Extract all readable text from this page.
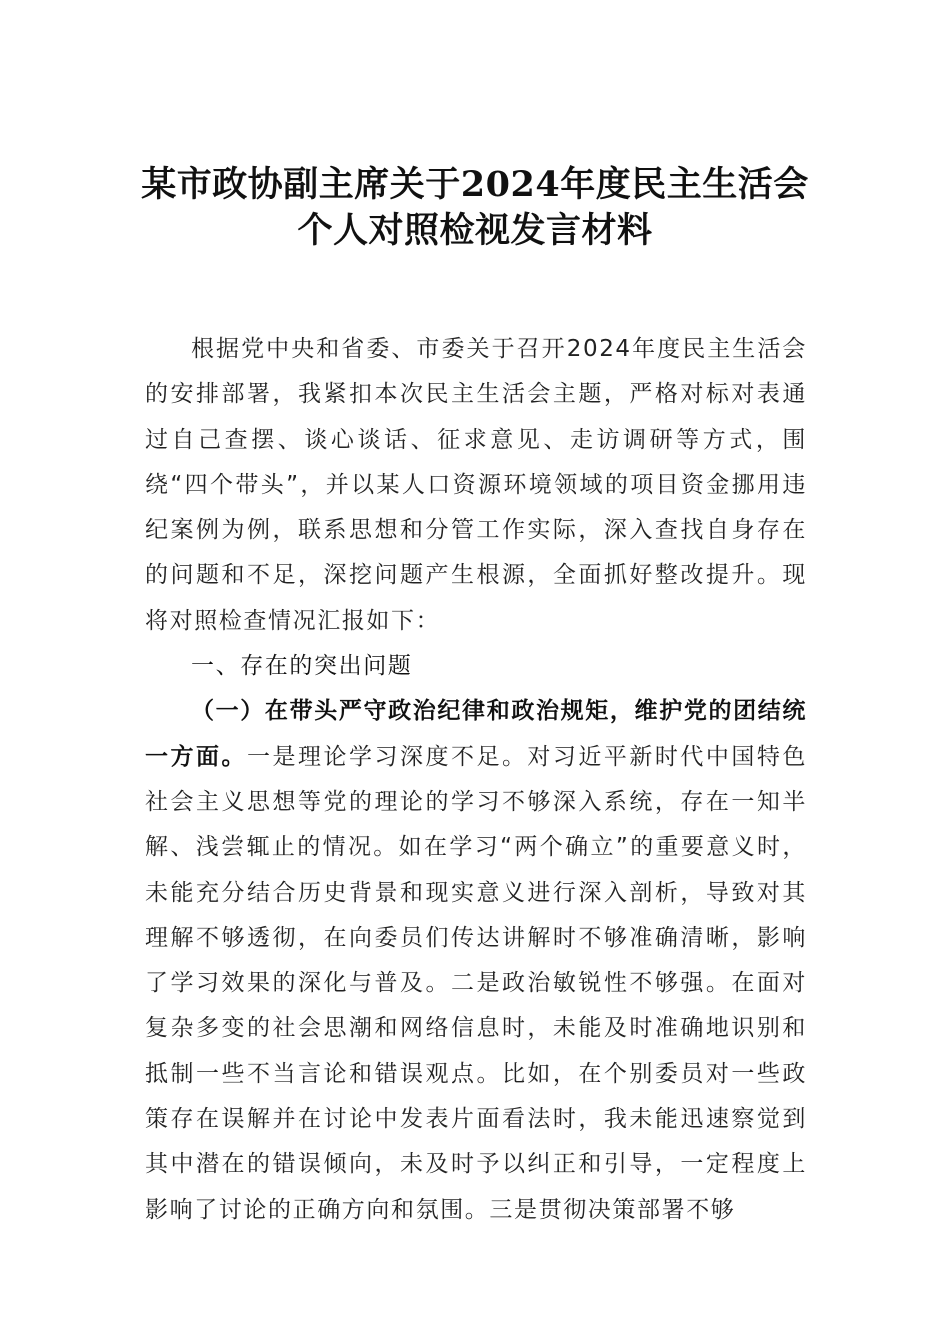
某市政协副主席关于2024年度民主生活会
个人对照检视发言材料

根据党中央和省委、市委关于召开2024年度民主生活会的安排部署，我紧扣本次民主生活会主题，严格对标对表通过自己查摆、谈心谈话、征求意见、走访调研等方式，围绕“四个带头”，并以某人口资源环境领域的项目资金挪用违纪案例为例，联系思想和分管工作实际，深入查找自身存在的问题和不足，深挖问题产生根源，全面抓好整改提升。现将对照检查情况汇报如下：

一、存在的突出问题

（一）在带头严守政治纪律和政治规矩，维护党的团结统一方面。一是理论学习深度不足。对习近平新时代中国特色社会主义思想等党的理论的学习不够深入系统，存在一知半解、浅尝辄止的情况。如在学习“两个确立”的重要意义时，未能充分结合历史背景和现实意义进行深入剖析，导致对其理解不够透彻，在向委员们传达讲解时不够准确清晰，影响了学习效果的深化与普及。二是政治敏锐性不够强。在面对复杂多变的社会思潮和网络信息时，未能及时准确地识别和抵制一些不当言论和错误观点。比如，在个别委员对一些政策存在误解并在讨论中发表片面看法时，我未能迅速察觉到其中潜在的错误倾向，未及时予以纠正和引导，一定程度上影响了讨论的正确方向和氛围。三是贯彻决策部署不够
